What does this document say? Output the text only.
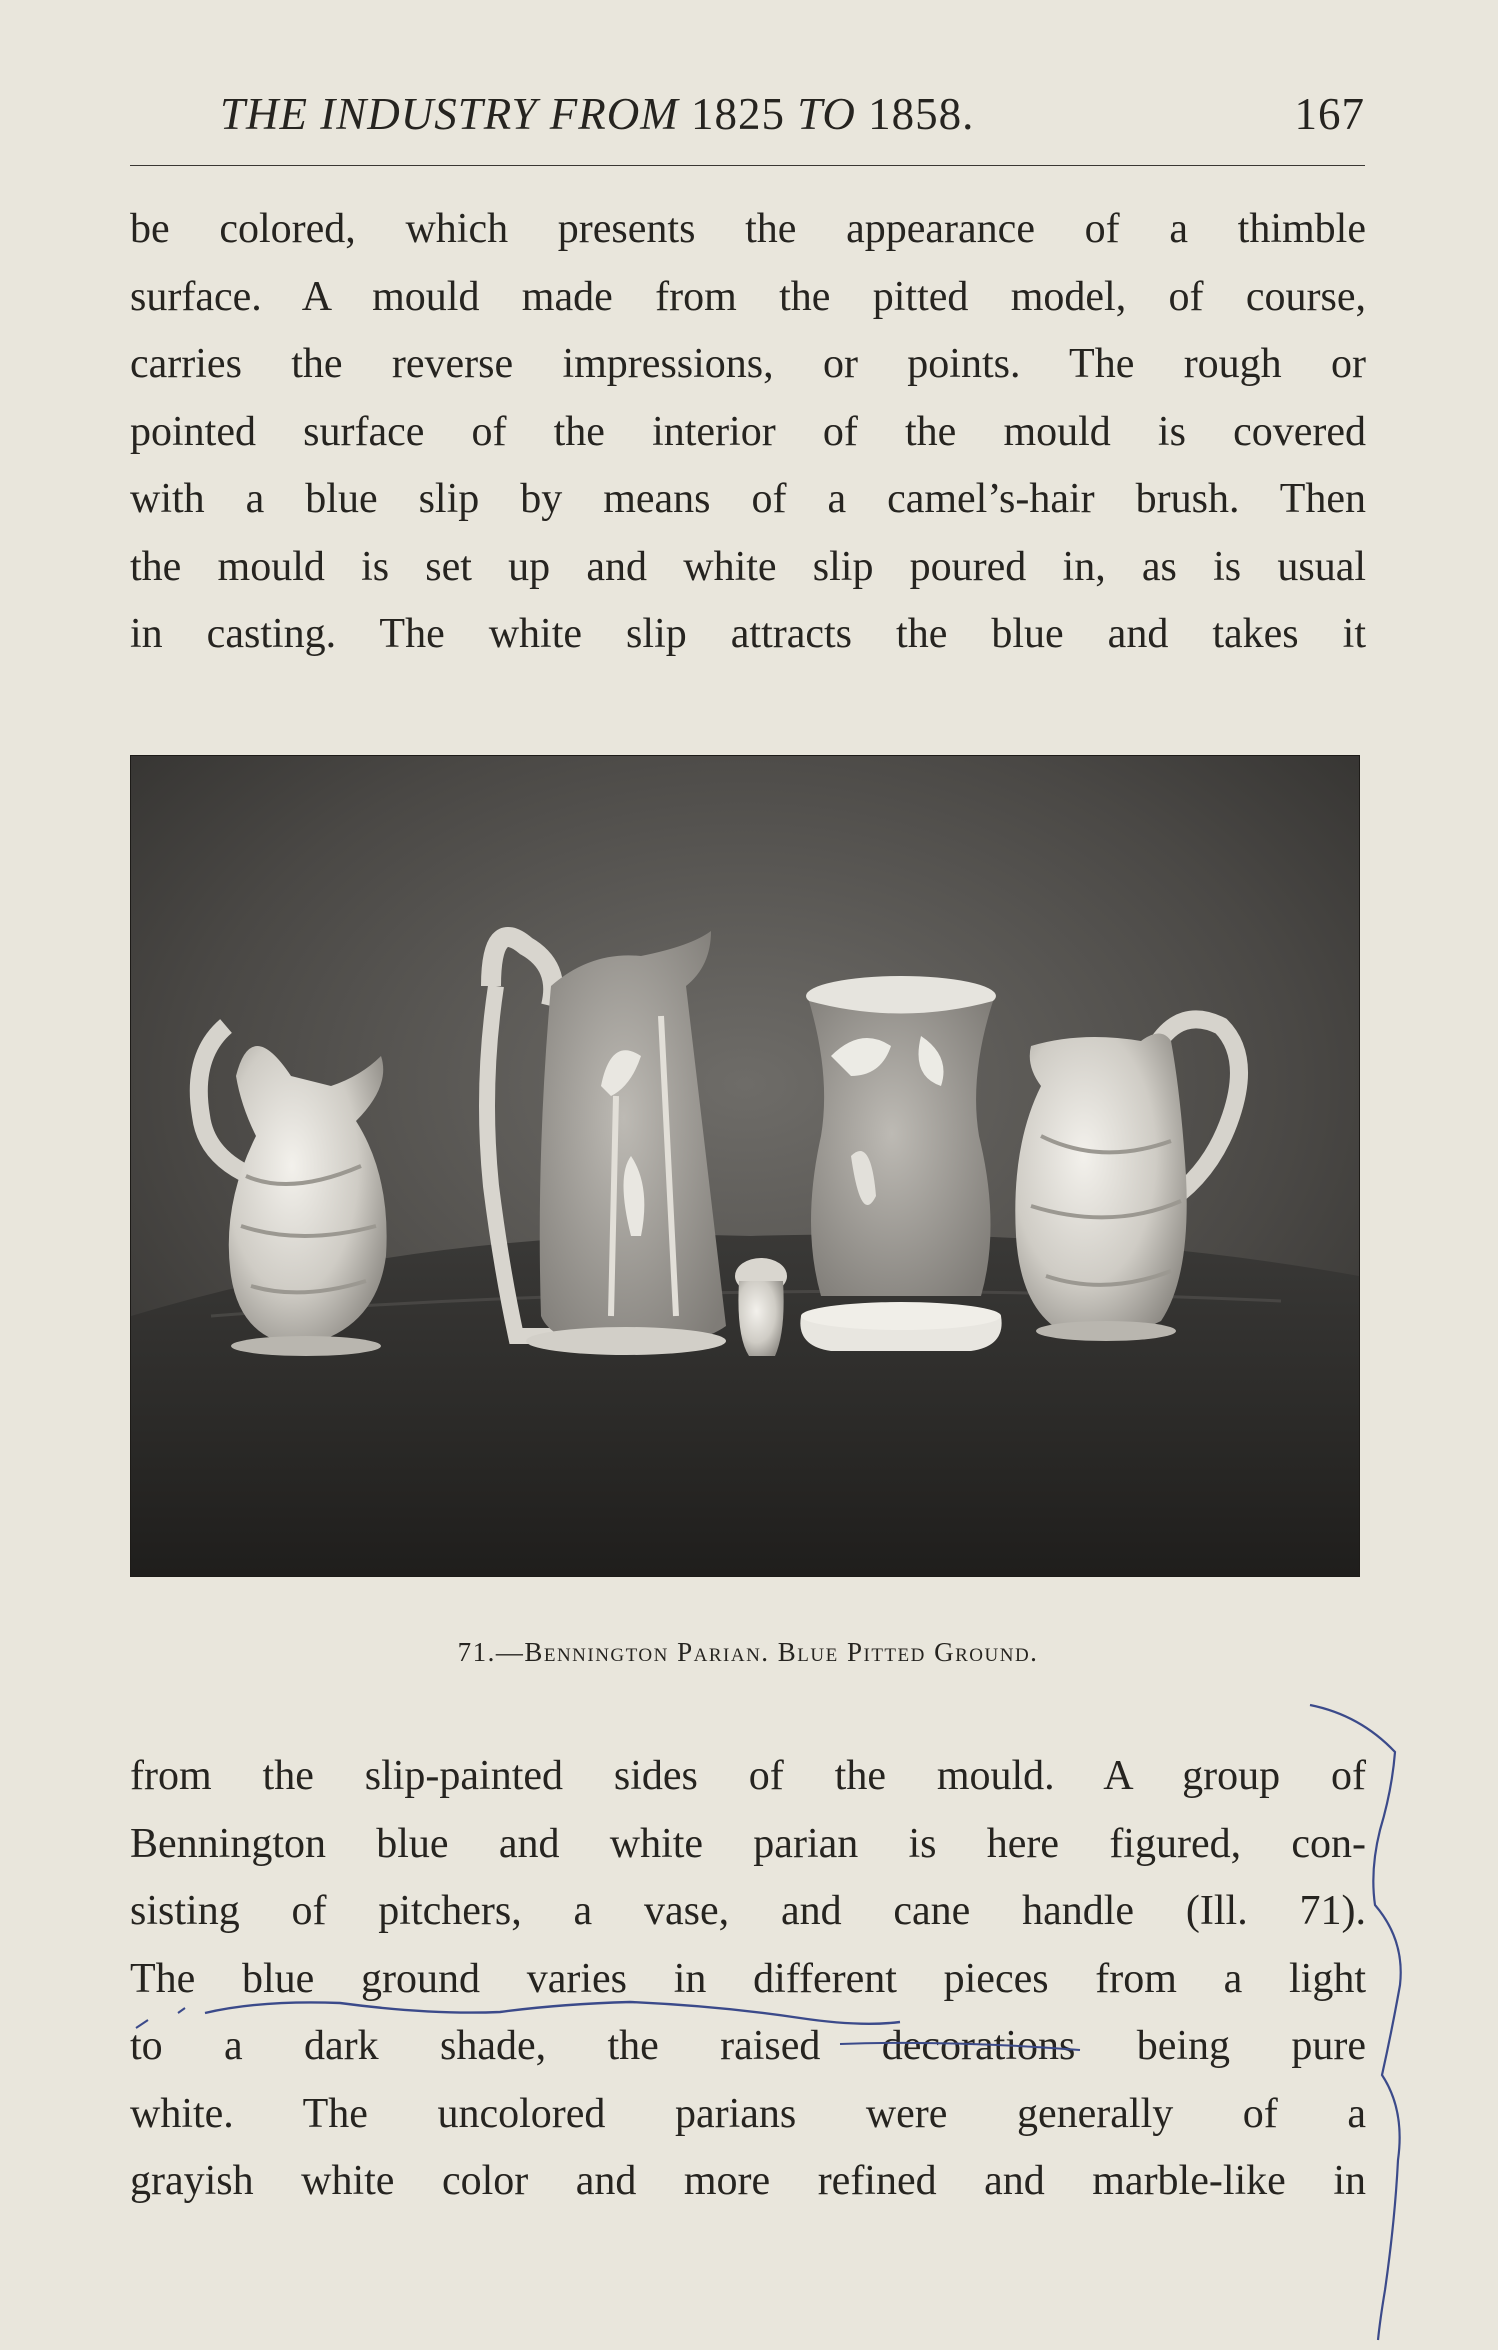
THE INDUSTRY FROM 1825 TO 1858.	167
be colored, which presents the appearance of a thimble
surface. A mould made from the pitted model, of course,
carries the reverse impressions, or points. The rough or
pointed surface of the interior of the mould is covered
with a blue slip by means of a camel’s-hair brush. Then
the mould is set up and white slip poured in, as is usual
in casting. The white slip attracts the blue and takes it
71.—Bennington Parian. Blue Pitted Ground.
from the slip-painted sides of the mould. A group of
Bennington blue and white parian is here figured, con-
sisting of pitchers, a vase, and cane handle (Ill. 71).
The blue ground varies in different pieces from a light
to a dark shade, the raised decorations being pure
white. The uncolored parians were generally of a
grayish white color and more refined and marble-like in
